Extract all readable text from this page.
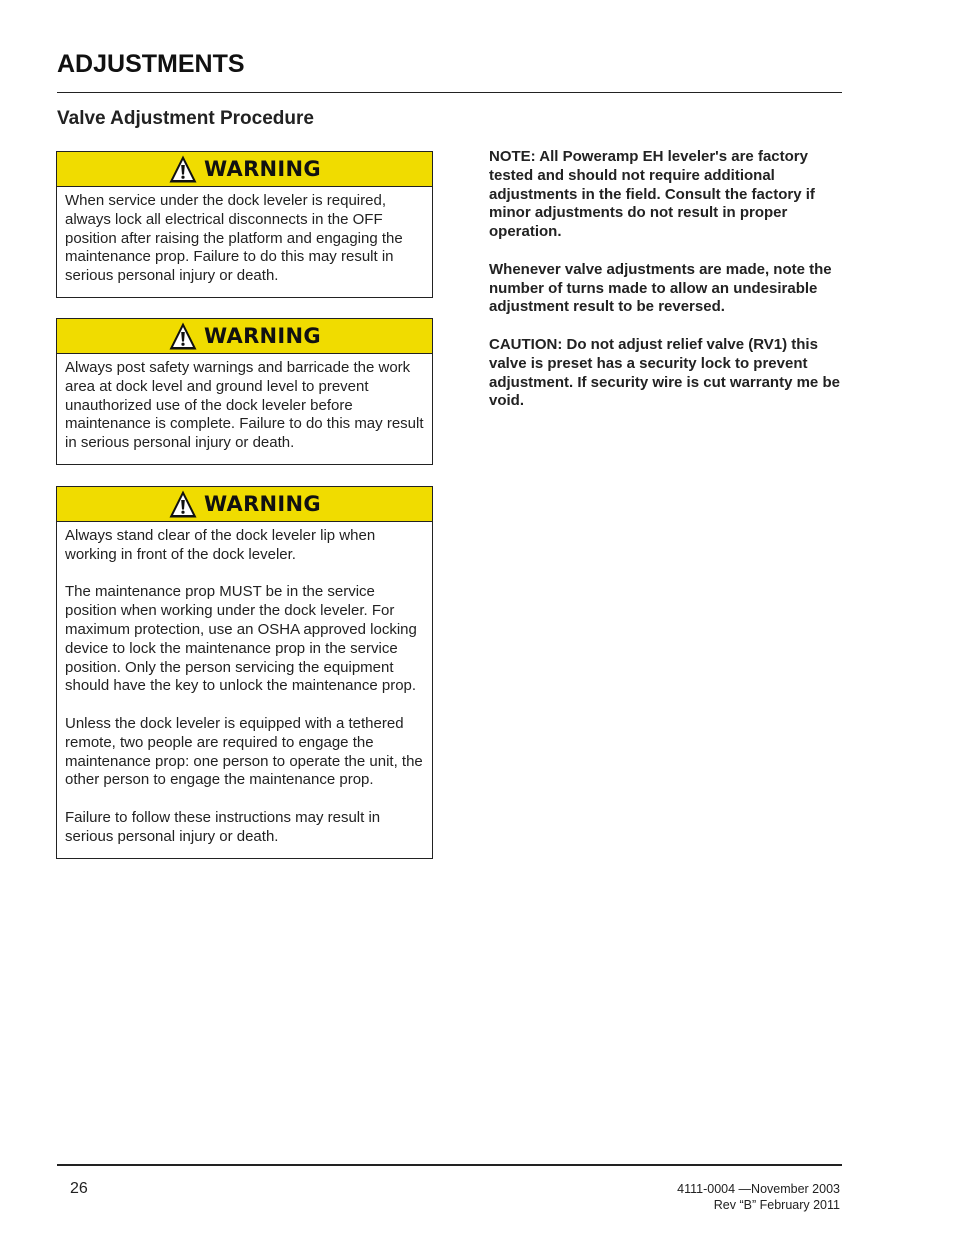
ADJUSTMENTS
Valve Adjustment Procedure
WARNING

When service under the dock leveler is required, always lock all electrical disconnects in the OFF position after raising the platform and engaging the maintenance prop. Failure to do this may result in serious personal injury or death.

WARNING

Always post safety warnings and barricade the work area at dock level and ground level to prevent unauthorized use of the dock leveler before maintenance is complete. Failure to do this may result in serious personal injury or death.

WARNING

Always stand clear of the dock leveler lip when working in front of the dock leveler.

The maintenance prop MUST be in the service position when working under the dock leveler. For maximum protection, use an OSHA approved locking device to lock the maintenance prop in the service position. Only the person servicing the equipment should have the key to unlock the maintenance prop.

Unless the dock leveler is equipped with a tethered remote, two people are required to engage the maintenance prop: one person to operate the unit, the other person to engage the maintenance prop.

Failure to follow these instructions may result in serious personal injury or death.

NOTE: All Poweramp EH leveler's are factory tested and should not require additional adjustments in the field. Consult the factory if minor adjustments do not result in proper operation.

Whenever valve adjustments are made, note the number of turns made to allow an undesirable adjustment result to be reversed.

CAUTION: Do not adjust relief valve (RV1) this valve is preset has a security lock to prevent adjustment. If security wire is cut warranty me be void.

26	4111-0004 —November 2003
Rev “B” February 2011
